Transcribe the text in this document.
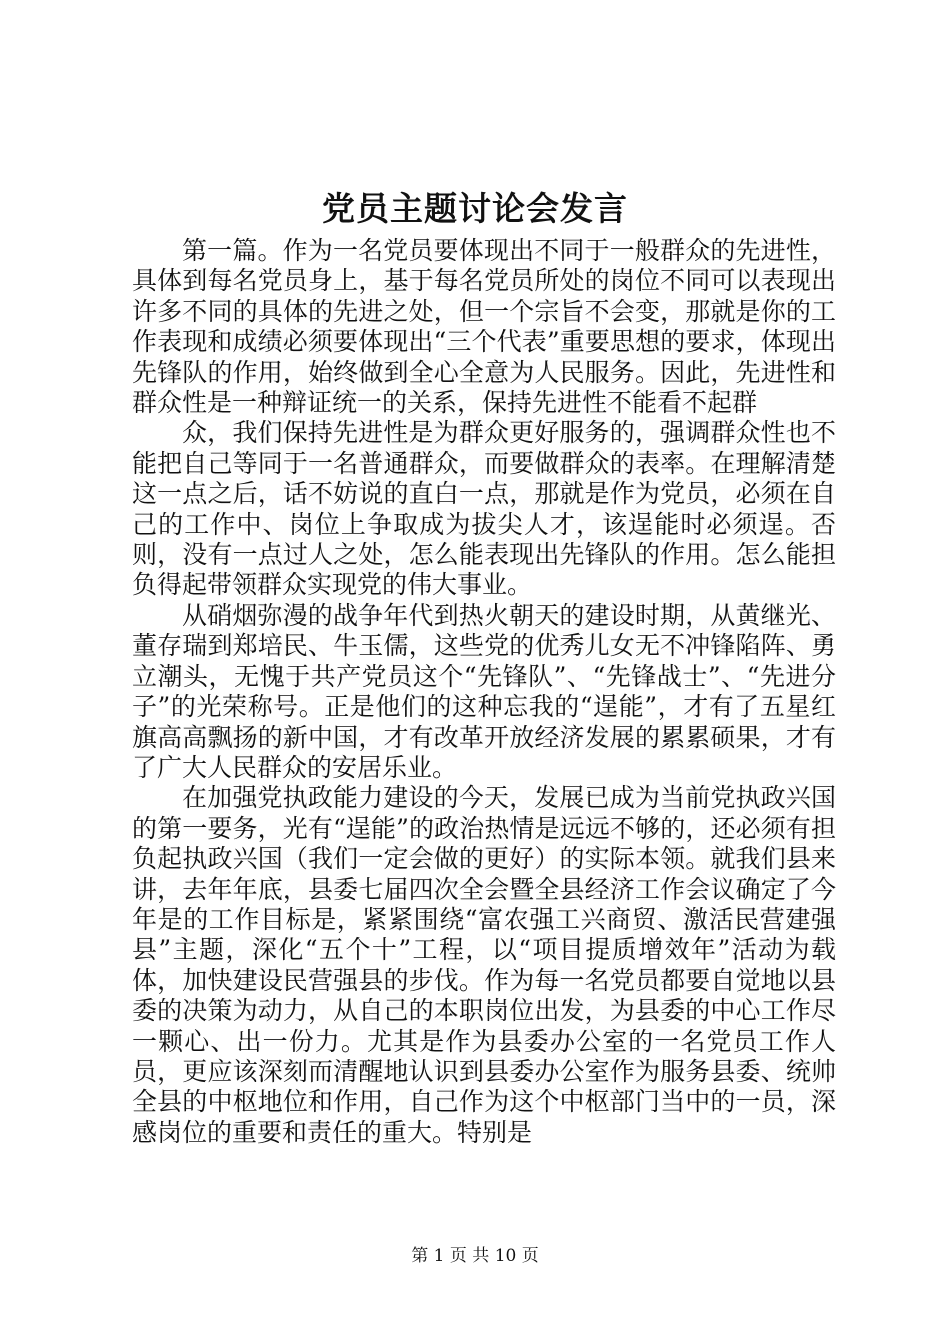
党员主题讨论会发言

第一篇。作为一名党员要体现出不同于一般群众的先进性，具体到每名党员身上，基于每名党员所处的岗位不同可以表现出许多不同的具体的先进之处，但一个宗旨不会变，那就是你的工作表现和成绩必须要体现出“三个代表”重要思想的要求，体现出先锋队的作用，始终做到全心全意为人民服务。因此，先进性和群众性是一种辩证统一的关系，保持先进性不能看不起群

众，我们保持先进性是为群众更好服务的，强调群众性也不能把自己等同于一名普通群众，而要做群众的表率。在理解清楚这一点之后，话不妨说的直白一点，那就是作为党员，必须在自己的工作中、岗位上争取成为拔尖人才，该逞能时必须逞。否则，没有一点过人之处，怎么能表现出先锋队的作用。怎么能担负得起带领群众实现党的伟大事业。

从硝烟弥漫的战争年代到热火朝天的建设时期，从黄继光、董存瑞到郑培民、牛玉儒，这些党的优秀儿女无不冲锋陷阵、勇立潮头，无愧于共产党员这个“先锋队”、“先锋战士”、“先进分子”的光荣称号。正是他们的这种忘我的“逞能”，才有了五星红旗高高飘扬的新中国，才有改革开放经济发展的累累硕果，才有了广大人民群众的安居乐业。

在加强党执政能力建设的今天，发展已成为当前党执政兴国的第一要务，光有“逞能”的政治热情是远远不够的，还必须有担负起执政兴国（我们一定会做的更好）的实际本领。就我们县来讲，去年年底，县委七届四次全会暨全县经济工作会议确定了今年是的工作目标是，紧紧围绕“富农强工兴商贸、激活民营建强县”主题，深化“五个十”工程，以“项目提质增效年”活动为载体，加快建设民营强县的步伐。作为每一名党员都要自觉地以县委的决策为动力，从自己的本职岗位出发，为县委的中心工作尽一颗心、出一份力。尤其是作为县委办公室的一名党员工作人员，更应该深刻而清醒地认识到县委办公室作为服务县委、统帅全县的中枢地位和作用，自己作为这个中枢部门当中的一员，深感岗位的重要和责任的重大。特别是

第 1 页 共 10 页
